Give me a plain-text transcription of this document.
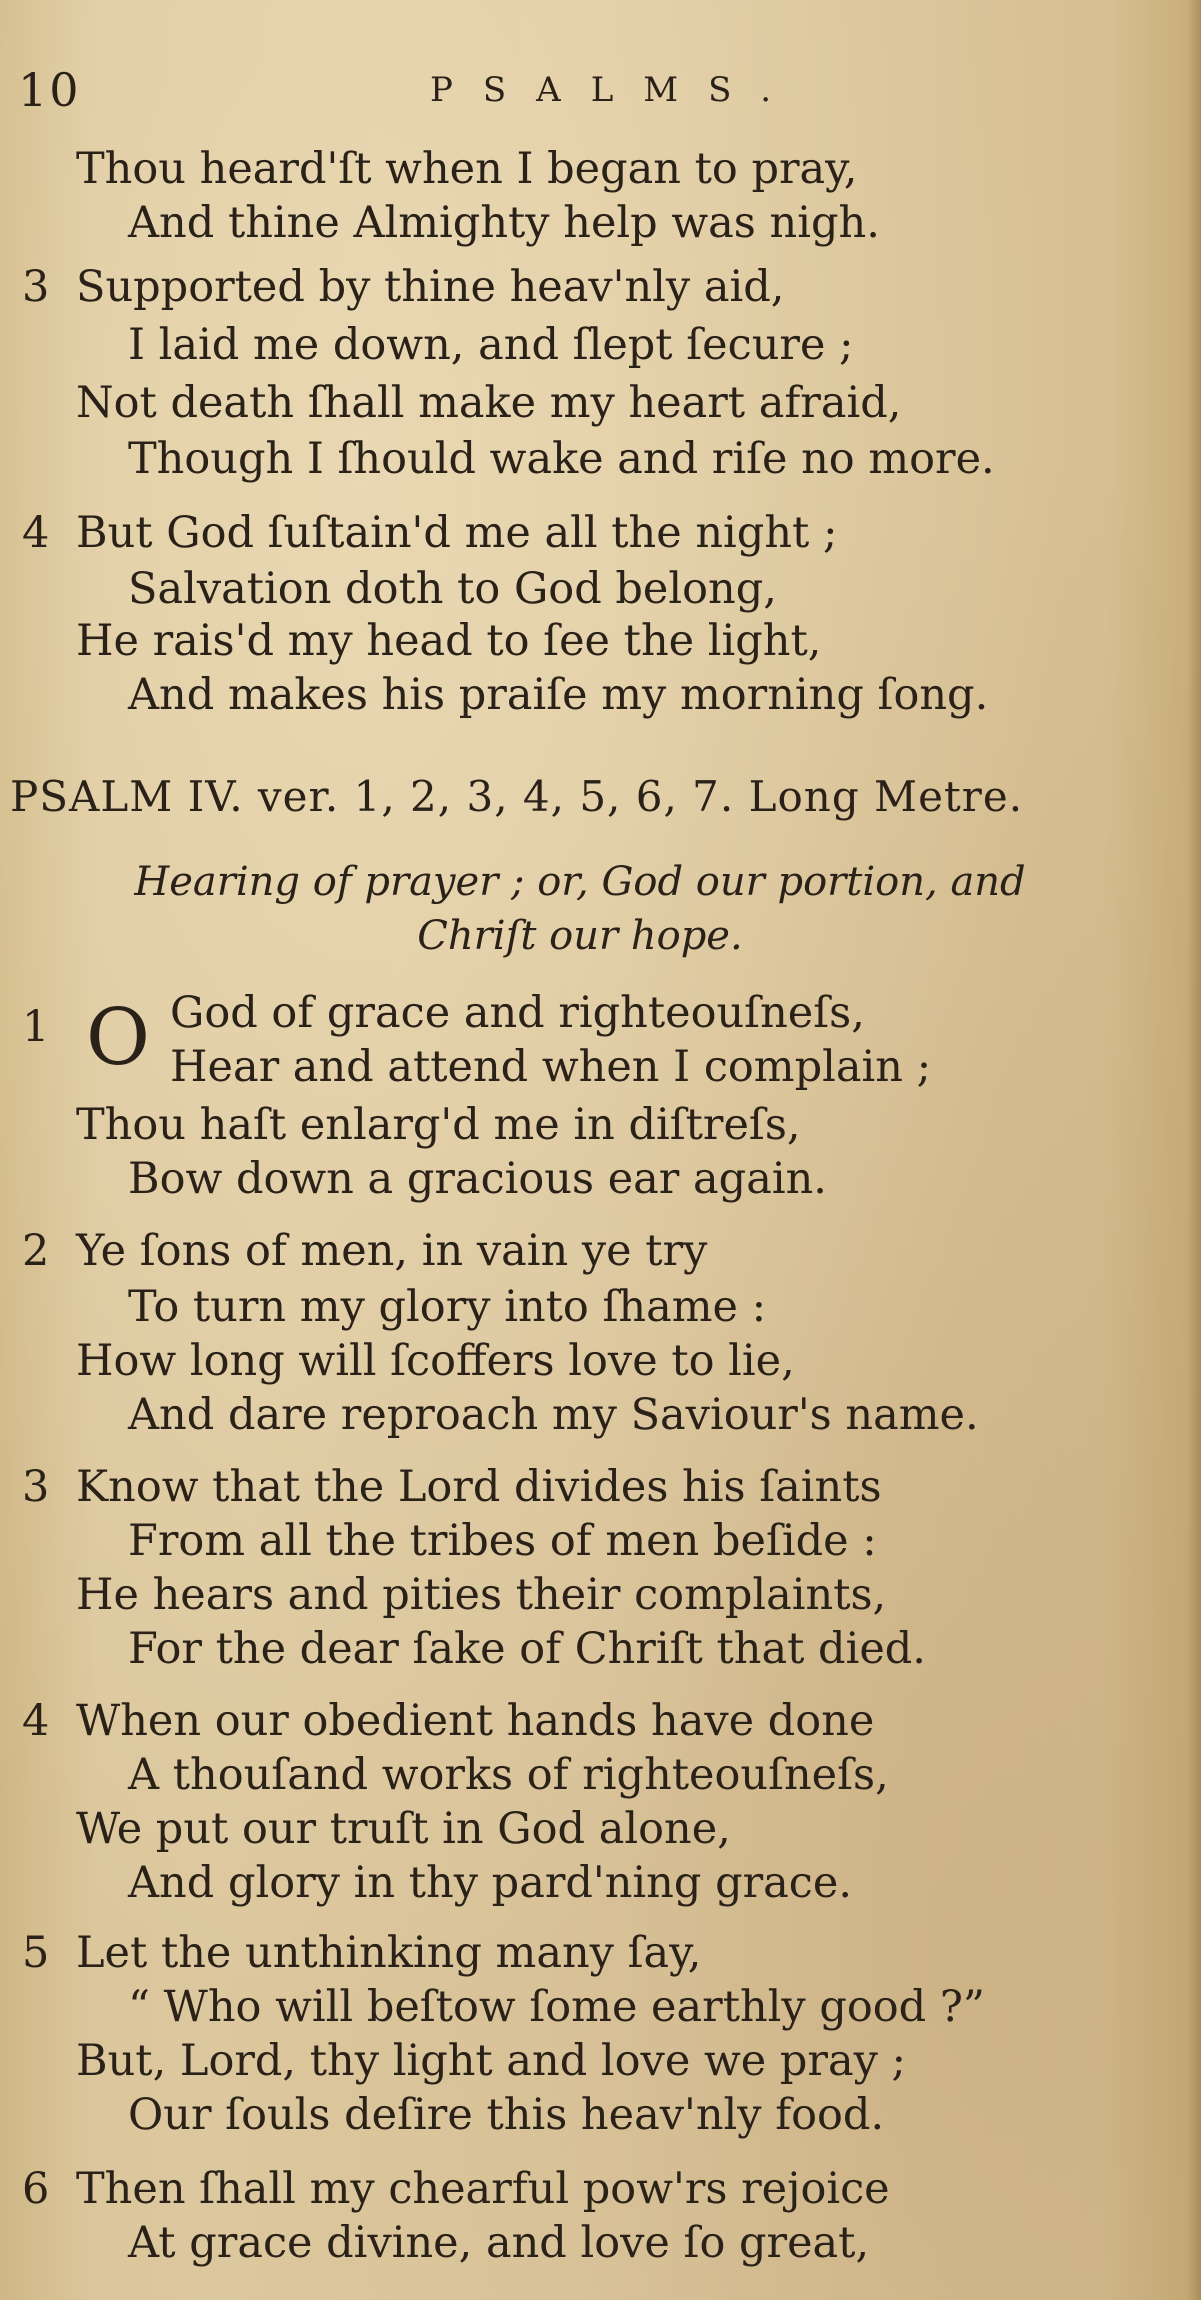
10	PSALMS.
Thou heard'ſt when I began to pray,
And thine Almighty help was nigh.
3 Supported by thine heav'nly aid,
I laid me down, and ſlept ſecure ;
Not death ſhall make my heart afraid,
Though I ſhould wake and riſe no more.
4 But God ſuſtain'd me all the night ;
Salvation doth to God belong,
He rais'd my head to ſee the light,
And makes his praiſe my morning ſong.
PSALM IV. ver. 1, 2, 3, 4, 5, 6, 7. Long Metre.
Hearing of prayer ; or, God our portion, and
Chriſt our hope.
1 O God of grace and righteouſneſs,
Hear and attend when I complain ;
Thou haſt enlarg'd me in diſtreſs,
Bow down a gracious ear again.
2 Ye ſons of men, in vain ye try
To turn my glory into ſhame :
How long will ſcoffers love to lie,
And dare reproach my Saviour's name.
3 Know that the Lord divides his ſaints
From all the tribes of men beſide :
He hears and pities their complaints,
For the dear ſake of Chriſt that died.
4 When our obedient hands have done
A thouſand works of righteouſneſs,
We put our truſt in God alone,
And glory in thy pard'ning grace.
5 Let the unthinking many ſay,
“ Who will beſtow ſome earthly good ?”
But, Lord, thy light and love we pray ;
Our ſouls deſire this heav'nly food.
6 Then ſhall my chearful pow'rs rejoice
At grace divine, and love ſo great,
